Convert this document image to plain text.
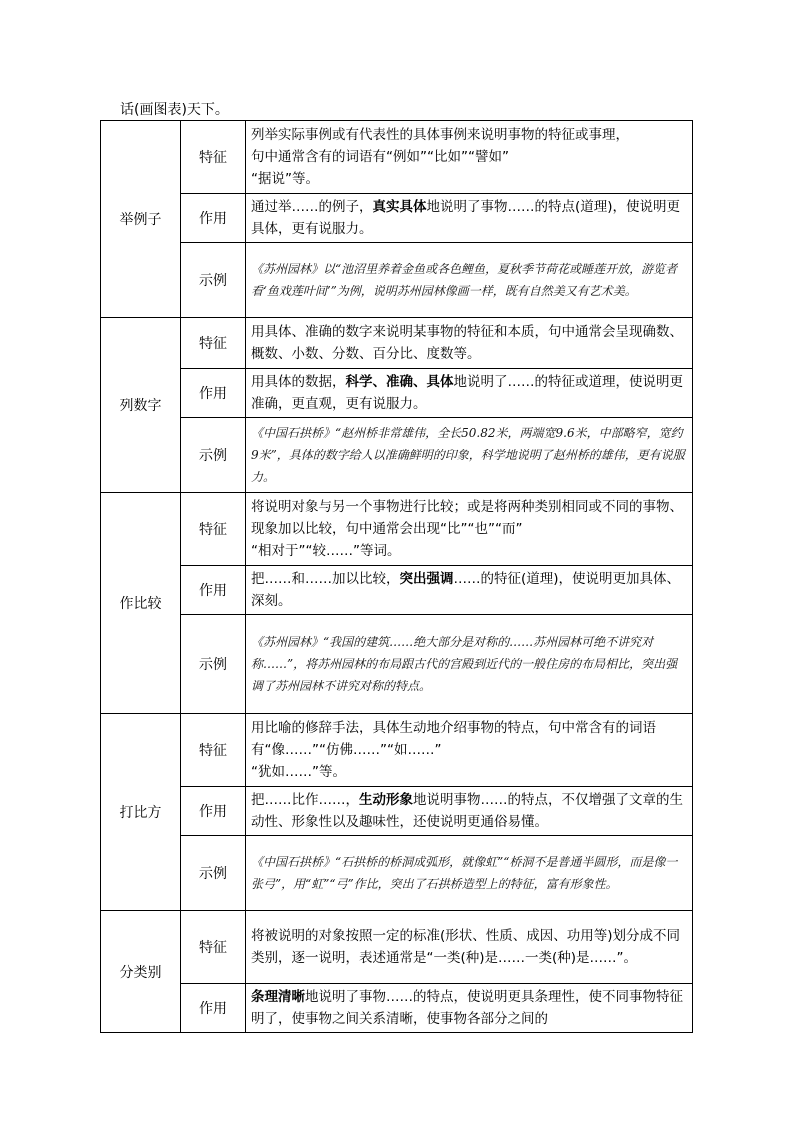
话(画图表)天下。
举例子	特征	列举实际事例或有代表性的具体事例来说明事物的特征或事理，
句中通常含有的词语有“例如”“比如”“譬如”
“据说”等。

	作用	通过举……的例子，真实具体地说明了事物……的特点(道理)，使说明更具体，更有说服力。
	示例	《苏州园林》以“池沼里养着金鱼或各色鲤鱼，夏秋季节荷花或睡莲开放，游览者看‘鱼戏莲叶间’”为例，说明苏州园林像画一样，既有自然美又有艺术美。
列数字	特征	用具体、准确的数字来说明某事物的特征和本质，句中通常会呈现确数、概数、小数、分数、百分比、度数等。

	作用	用具体的数据，科学、准确、具体地说明了……的特征或道理，使说明更准确，更直观，更有说服力。
	示例	《中国石拱桥》“赵州桥非常雄伟，全长50.82米，两端宽9.6米，中部略窄，宽约9米”，具体的数字给人以准确鲜明的印象，科学地说明了赵州桥的雄伟，更有说服力。
作比较	特征	将说明对象与另一个事物进行比较；或是将两种类别相同或不同的事物、现象加以比较，句中通常会出现“比”“也”“而”
“相对于”“较……”等词。

	作用	把……和……加以比较，突出强调……的特征(道理)，使说明更加具体、深刻。
	示例	《苏州园林》“我国的建筑……绝大部分是对称的……苏州园林可绝不讲究对称……”，将苏州园林的布局跟古代的宫殿到近代的一般住房的布局相比，突出强调了苏州园林不讲究对称的特点。
打比方	特征	用比喻的修辞手法，具体生动地介绍事物的特点，句中常含有的词语有“像……”“仿佛……”“如……”
“犹如……”等。

	作用	把……比作……，生动形象地说明事物……的特点，不仅增强了文章的生动性、形象性以及趣味性，还使说明更通俗易懂。
	示例	《中国石拱桥》“石拱桥的桥洞成弧形，就像虹”“桥洞不是普通半圆形，而是像一张弓”，用“虹”“弓”作比，突出了石拱桥造型上的特征，富有形象性。
分类别	特征	将被说明的对象按照一定的标准(形状、性质、成因、功用等)划分成不同类别，逐一说明，表述通常是“一类(种)是……一类(种)是……”。

	作用	条理清晰地说明了事物……的特点，使说明更具条理性，使不同事物特征明了，使事物之间关系清晰，使事物各部分之间的
